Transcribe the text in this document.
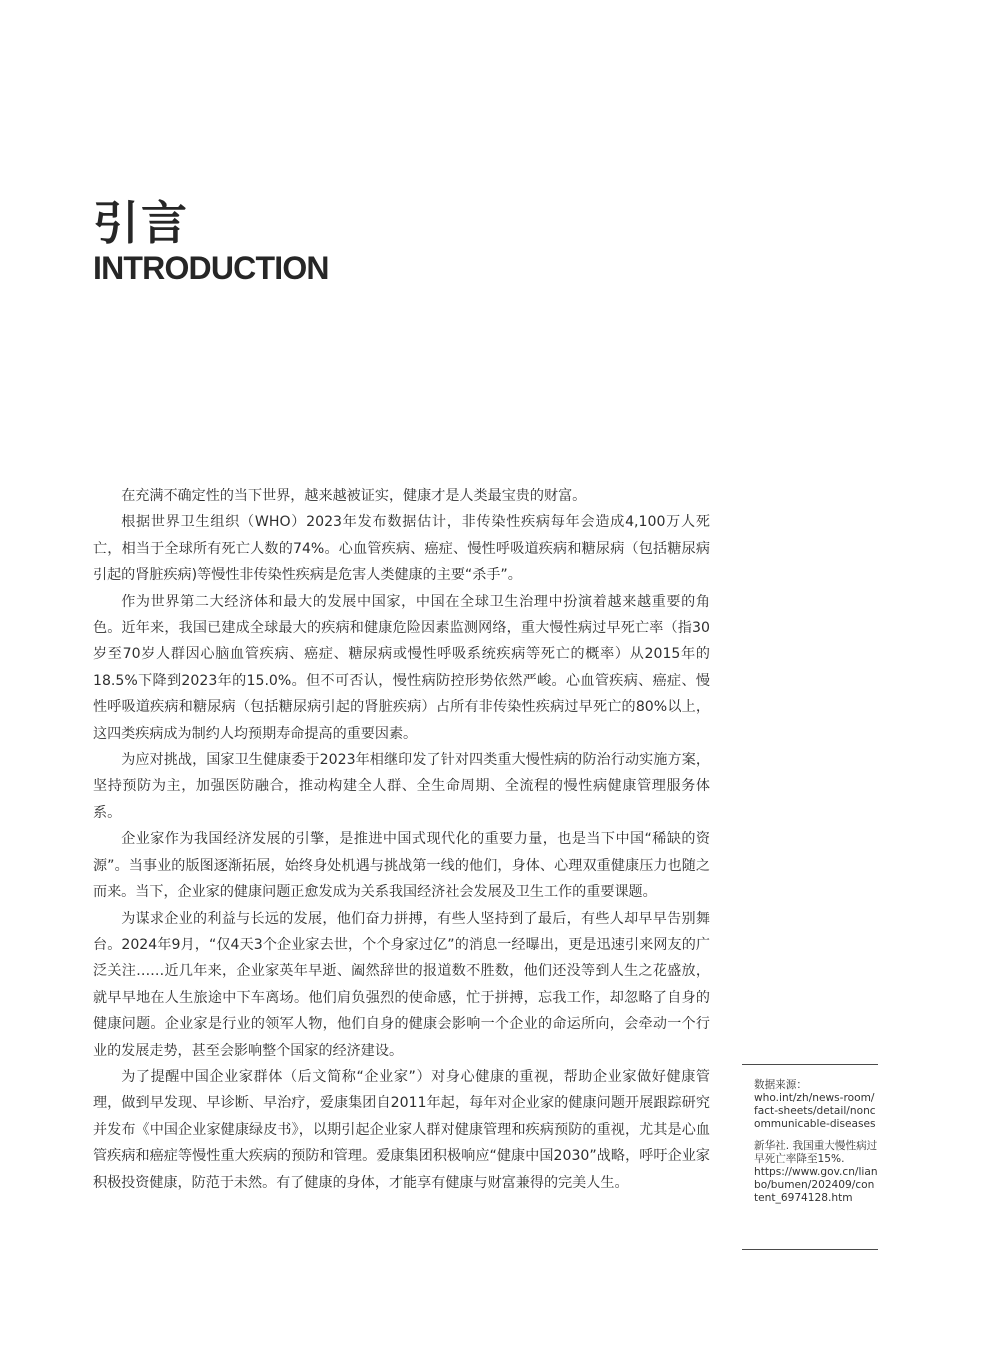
引言
INTRODUCTION

在充满不确定性的当下世界，越来越被证实，健康才是人类最宝贵的财富。

根据世界卫生组织（WHO）2023年发布数据估计，非传染性疾病每年会造成4,100万人死亡，相当于全球所有死亡人数的74%。心血管疾病、癌症、慢性呼吸道疾病和糖尿病（包括糖尿病引起的肾脏疾病)等慢性非传染性疾病是危害人类健康的主要“杀手”。

作为世界第二大经济体和最大的发展中国家，中国在全球卫生治理中扮演着越来越重要的角色。近年来，我国已建成全球最大的疾病和健康危险因素监测网络，重大慢性病过早死亡率（指30岁至70岁人群因心脑血管疾病、癌症、糖尿病或慢性呼吸系统疾病等死亡的概率）从2015年的18.5%下降到2023年的15.0%。但不可否认，慢性病防控形势依然严峻。心血管疾病、癌症、慢性呼吸道疾病和糖尿病（包括糖尿病引起的肾脏疾病）占所有非传染性疾病过早死亡的80%以上，这四类疾病成为制约人均预期寿命提高的重要因素。

为应对挑战，国家卫生健康委于2023年相继印发了针对四类重大慢性病的防治行动实施方案，坚持预防为主，加强医防融合，推动构建全人群、全生命周期、全流程的慢性病健康管理服务体系。

企业家作为我国经济发展的引擎，是推进中国式现代化的重要力量，也是当下中国“稀缺的资源”。当事业的版图逐渐拓展，始终身处机遇与挑战第一线的他们，身体、心理双重健康压力也随之而来。当下，企业家的健康问题正愈发成为关系我国经济社会发展及卫生工作的重要课题。

为谋求企业的利益与长远的发展，他们奋力拼搏，有些人坚持到了最后，有些人却早早告别舞台。2024年9月，“仅4天3个企业家去世，个个身家过亿”的消息一经曝出，更是迅速引来网友的广泛关注……近几年来，企业家英年早逝、阖然辞世的报道数不胜数，他们还没等到人生之花盛放，就早早地在人生旅途中下车离场。他们肩负强烈的使命感，忙于拼搏，忘我工作，却忽略了自身的健康问题。企业家是行业的领军人物，他们自身的健康会影响一个企业的命运所向，会牵动一个行业的发展走势，甚至会影响整个国家的经济建设。

为了提醒中国企业家群体（后文简称“企业家”）对身心健康的重视，帮助企业家做好健康管理，做到早发现、早诊断、早治疗，爱康集团自2011年起，每年对企业家的健康问题开展跟踪研究并发布《中国企业家健康绿皮书》，以期引起企业家人群对健康管理和疾病预防的重视，尤其是心血管疾病和癌症等慢性重大疾病的预防和管理。爱康集团积极响应“健康中国2030”战略，呼吁企业家积极投资健康，防范于未然。有了健康的身体，才能享有健康与财富兼得的完美人生。

数据来源：
who.int/zh/news-room/fact-sheets/detail/noncommunicable-diseases
新华社. 我国重大慢性病过早死亡率降至15%.
https://www.gov.cn/lianbo/bumen/202409/content_6974128.htm
